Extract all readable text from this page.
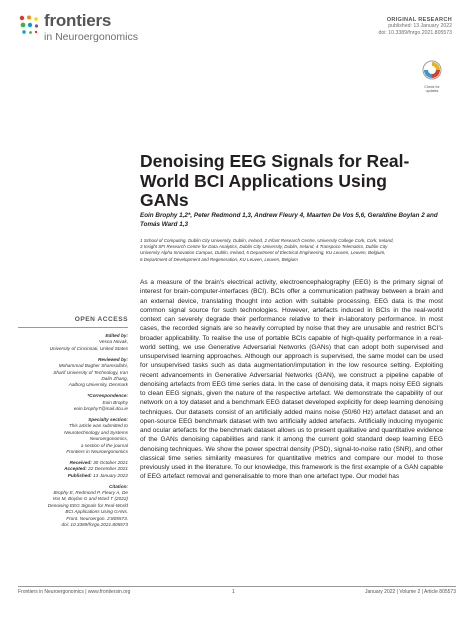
frontiers
in Neuroergonomics
ORIGINAL RESEARCH
published: 13 January 2022
doi: 10.3389/fnrgo.2021.805573
Check for updates
Denoising EEG Signals for Real-World BCI Applications Using GANs
Eoin Brophy 1,2*, Peter Redmond 1,3, Andrew Fleury 4, Maarten De Vos 5,6, Geraldine Boylan 2 and Tomás Ward 1,3
1 School of Computing, Dublin City University, Dublin, Ireland, 2 Infant Research Centre, University College Cork, Cork, Ireland,
3 Insight SFI Research Centre for Data Analytics, Dublin City University, Dublin, Ireland, 4 Transpoco Telematics, Dublin City
University Alpha Innovation Campus, Dublin, Ireland, 5 Department of Electrical Engineering, KU Leuven, Leuven, Belgium,
6 Department of Development and Regeneration, KU Leuven, Leuven, Belgium
OPEN ACCESS
Edited by:
Vesna Novak,
University of Cincinnati, United States
Reviewed by:
Mohammad Bagher Shamsollahi,
Sharif University of Technology, Iran
Dalin Zhang,
Aalborg University, Denmark
*Correspondence:
Eoin Brophy
eoin.brophy7@mail.dcu.ie
Specialty section:
This article was submitted to
Neurotechnology and Systems
Neuroergonomics,
a section of the journal
Frontiers in Neuroergonomics
Received: 30 October 2021
Accepted: 22 December 2021
Published: 13 January 2022
Citation:
Brophy E, Redmond P, Fleury A, De
Vos M, Boylan G and Ward T (2022)
Denoising EEG Signals for Real-World
BCI Applications Using GANs.
Front. Neuroergon. 2:805573.
doi: 10.3389/fnrgo.2021.805573
As a measure of the brain's electrical activity, electroencephalography (EEG) is the primary signal of interest for brain-computer-interfaces (BCI). BCIs offer a communication pathway between a brain and an external device, translating thought into action with suitable processing. EEG data is the most common signal source for such technologies. However, artefacts induced in BCIs in the real-world context can severely degrade their performance relative to their in-laboratory performance. In most cases, the recorded signals are so heavily corrupted by noise that they are unusable and restrict BCI's broader applicability. To realise the use of portable BCIs capable of high-quality performance in a real-world setting, we use Generative Adversarial Networks (GANs) that can adopt both supervised and unsupervised learning approaches. Although our approach is supervised, the same model can be used for unsupervised tasks such as data augmentation/imputation in the low resource setting. Exploiting recent advancements in Generative Adversarial Networks (GAN), we construct a pipeline capable of denoising artefacts from EEG time series data. In the case of denoising data, it maps noisy EEG signals to clean EEG signals, given the nature of the respective artefact. We demonstrate the capability of our network on a toy dataset and a benchmark EEG dataset developed explicitly for deep learning denoising techniques. Our datasets consist of an artificially added mains noise (50/60 Hz) artefact dataset and an open-source EEG benchmark dataset with two artificially added artefacts. Artificially inducing myogenic and ocular artefacts for the benchmark dataset allows us to present qualitative and quantitative evidence of the GANs denoising capabilities and rank it among the current gold standard deep learning EEG denoising techniques. We show the power spectral density (PSD), signal-to-noise ratio (SNR), and other classical time series similarity measures for quantitative metrics and compare our model to those previously used in the literature. To our knowledge, this framework is the first example of a GAN capable of EEG artefact removal and generalisable to more than one artefact type. Our model has
Frontiers in Neuroergonomics | www.frontiersin.org	1	January 2022 | Volume 2 | Article 805573
